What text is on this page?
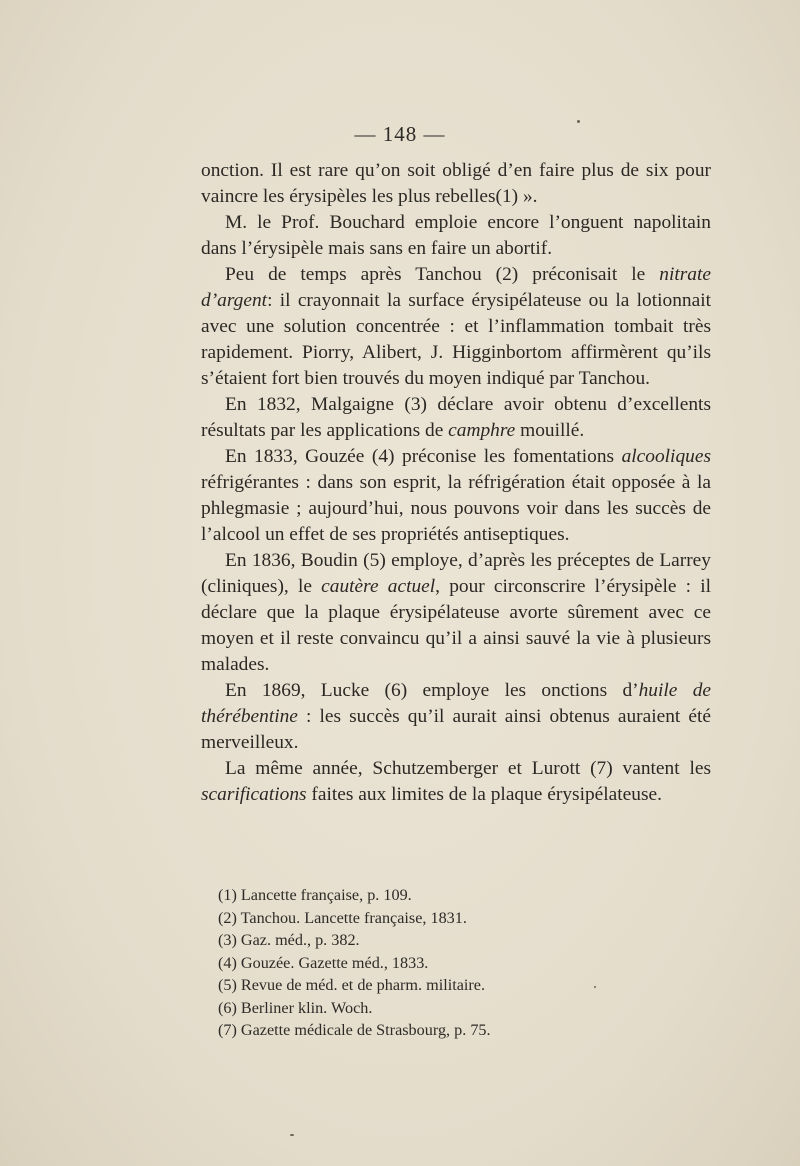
— 148 —

onction. Il est rare qu’on soit obligé d’en faire plus de six pour vaincre les érysipèles les plus rebelles(1) ».

M. le Prof. Bouchard emploie encore l’onguent napolitain dans l’érysipèle mais sans en faire un abortif.

Peu de temps après Tanchou (2) préconisait le nitrate d’argent: il crayonnait la surface érysipélateuse ou la lotionnait avec une solution concentrée : et l’inflammation tombait très rapidement. Piorry, Alibert, J. Higginbortom affirmèrent qu’ils s’étaient fort bien trouvés du moyen indiqué par Tanchou.

En 1832, Malgaigne (3) déclare avoir obtenu d’excellents résultats par les applications de camphre mouillé.

En 1833, Gouzée (4) préconise les fomentations alcooliques réfrigérantes : dans son esprit, la réfrigération était opposée à la phlegmasie ; aujourd’hui, nous pouvons voir dans les succès de l’alcool un effet de ses propriétés antiseptiques.

En 1836, Boudin (5) employe, d’après les préceptes de Larrey (cliniques), le cautère actuel, pour circonscrire l’érysipèle : il déclare que la plaque érysipélateuse avorte sûrement avec ce moyen et il reste convaincu qu’il a ainsi sauvé la vie à plusieurs malades.

En 1869, Lucke (6) employe les onctions d’huile de thérébentine : les succès qu’il aurait ainsi obtenus auraient été merveilleux.

La même année, Schutzemberger et Lurott (7) vantent les scarifications faites aux limites de la plaque érysipélateuse.

(1) Lancette française, p. 109.
(2) Tanchou. Lancette française, 1831.
(3) Gaz. méd., p. 382.
(4) Gouzée. Gazette méd., 1833.
(5) Revue de méd. et de pharm. militaire.
(6) Berliner klin. Woch.
(7) Gazette médicale de Strasbourg, p. 75.
